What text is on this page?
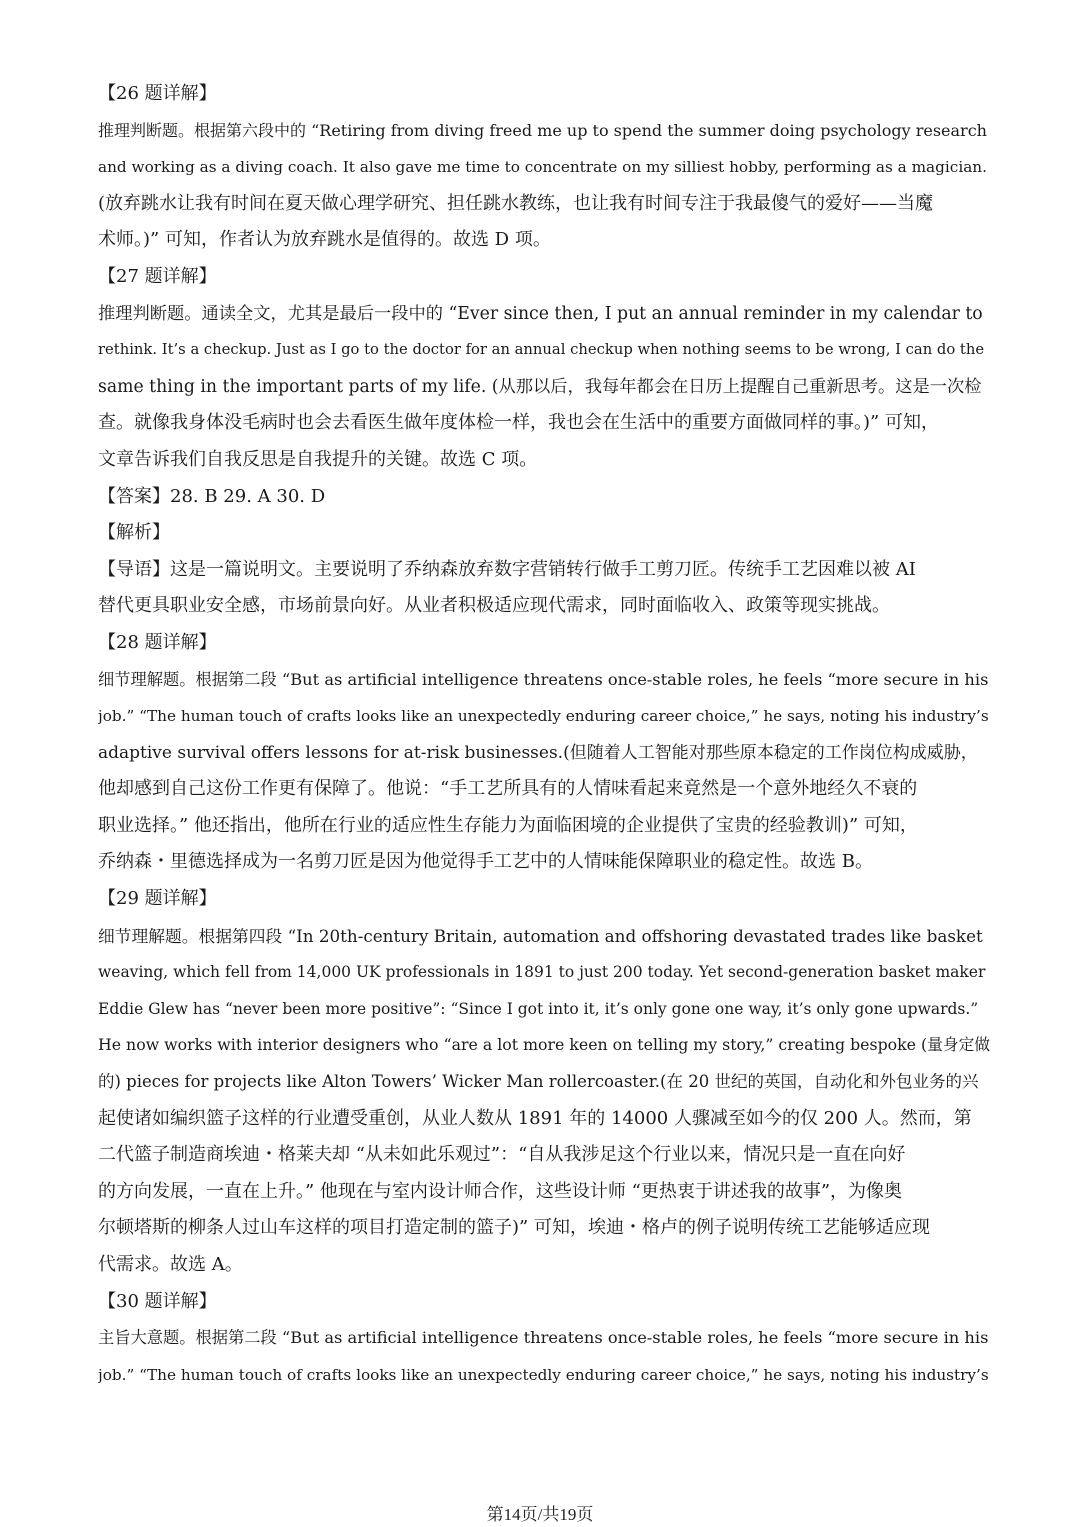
【26 题详解】
推理判断题。根据第六段中的 “Retiring from diving freed me up to spend the summer doing psychology research
and working as a diving coach. It also gave me time to concentrate on my silliest hobby, performing as a magician.
(放弃跳水让我有时间在夏天做心理学研究、担任跳水教练，也让我有时间专注于我最傻气的爱好——当魔
术师。)” 可知，作者认为放弃跳水是值得的。故选 D 项。
【27 题详解】
推理判断题。通读全文，尤其是最后一段中的 “Ever since then, I put an annual reminder in my calendar to
rethink. It’s a checkup. Just as I go to the doctor for an annual checkup when nothing seems to be wrong, I can do the
same thing in the important parts of my life. (从那以后，我每年都会在日历上提醒自己重新思考。这是一次检
查。就像我身体没毛病时也会去看医生做年度体检一样，我也会在生活中的重要方面做同样的事。)” 可知，
文章告诉我们自我反思是自我提升的关键。故选 C 项。
【答案】28. B 29. A 30. D
【解析】
【导语】这是一篇说明文。主要说明了乔纳森放弃数字营销转行做手工剪刀匠。传统手工艺因难以被 AI
替代更具职业安全感，市场前景向好。从业者积极适应现代需求，同时面临收入、政策等现实挑战。
【28 题详解】
细节理解题。根据第二段 “But as artificial intelligence threatens once-stable roles, he feels “more secure in his
job.” “The human touch of crafts looks like an unexpectedly enduring career choice,” he says, noting his industry’s
adaptive survival offers lessons for at-risk businesses.(但随着人工智能对那些原本稳定的工作岗位构成威胁，
他却感到自己这份工作更有保障了。他说：“手工艺所具有的人情味看起来竟然是一个意外地经久不衰的
职业选择。” 他还指出，他所在行业的适应性生存能力为面临困境的企业提供了宝贵的经验教训)” 可知，
乔纳森・里德选择成为一名剪刀匠是因为他觉得手工艺中的人情味能保障职业的稳定性。故选 B。
【29 题详解】
细节理解题。根据第四段 “In 20th-century Britain, automation and offshoring devastated trades like basket
weaving, which fell from 14,000 UK professionals in 1891 to just 200 today. Yet second-generation basket maker
Eddie Glew has “never been more positive”: “Since I got into it, it’s only gone one way, it’s only gone upwards.”
He now works with interior designers who “are a lot more keen on telling my story,” creating bespoke (量身定做
的) pieces for projects like Alton Towers’ Wicker Man rollercoaster.(在 20 世纪的英国，自动化和外包业务的兴
起使诸如编织篮子这样的行业遭受重创，从业人数从 1891 年的 14000 人骤减至如今的仅 200 人。然而，第
二代篮子制造商埃迪・格莱夫却 “从未如此乐观过”：“自从我涉足这个行业以来，情况只是一直在向好
的方向发展，一直在上升。” 他现在与室内设计师合作，这些设计师 “更热衷于讲述我的故事”，为像奥
尔顿塔斯的柳条人过山车这样的项目打造定制的篮子)” 可知，埃迪・格卢的例子说明传统工艺能够适应现
代需求。故选 A。
【30 题详解】
主旨大意题。根据第二段 “But as artificial intelligence threatens once-stable roles, he feels “more secure in his
job.” “The human touch of crafts looks like an unexpectedly enduring career choice,” he says, noting his industry’s
第14页/共19页
